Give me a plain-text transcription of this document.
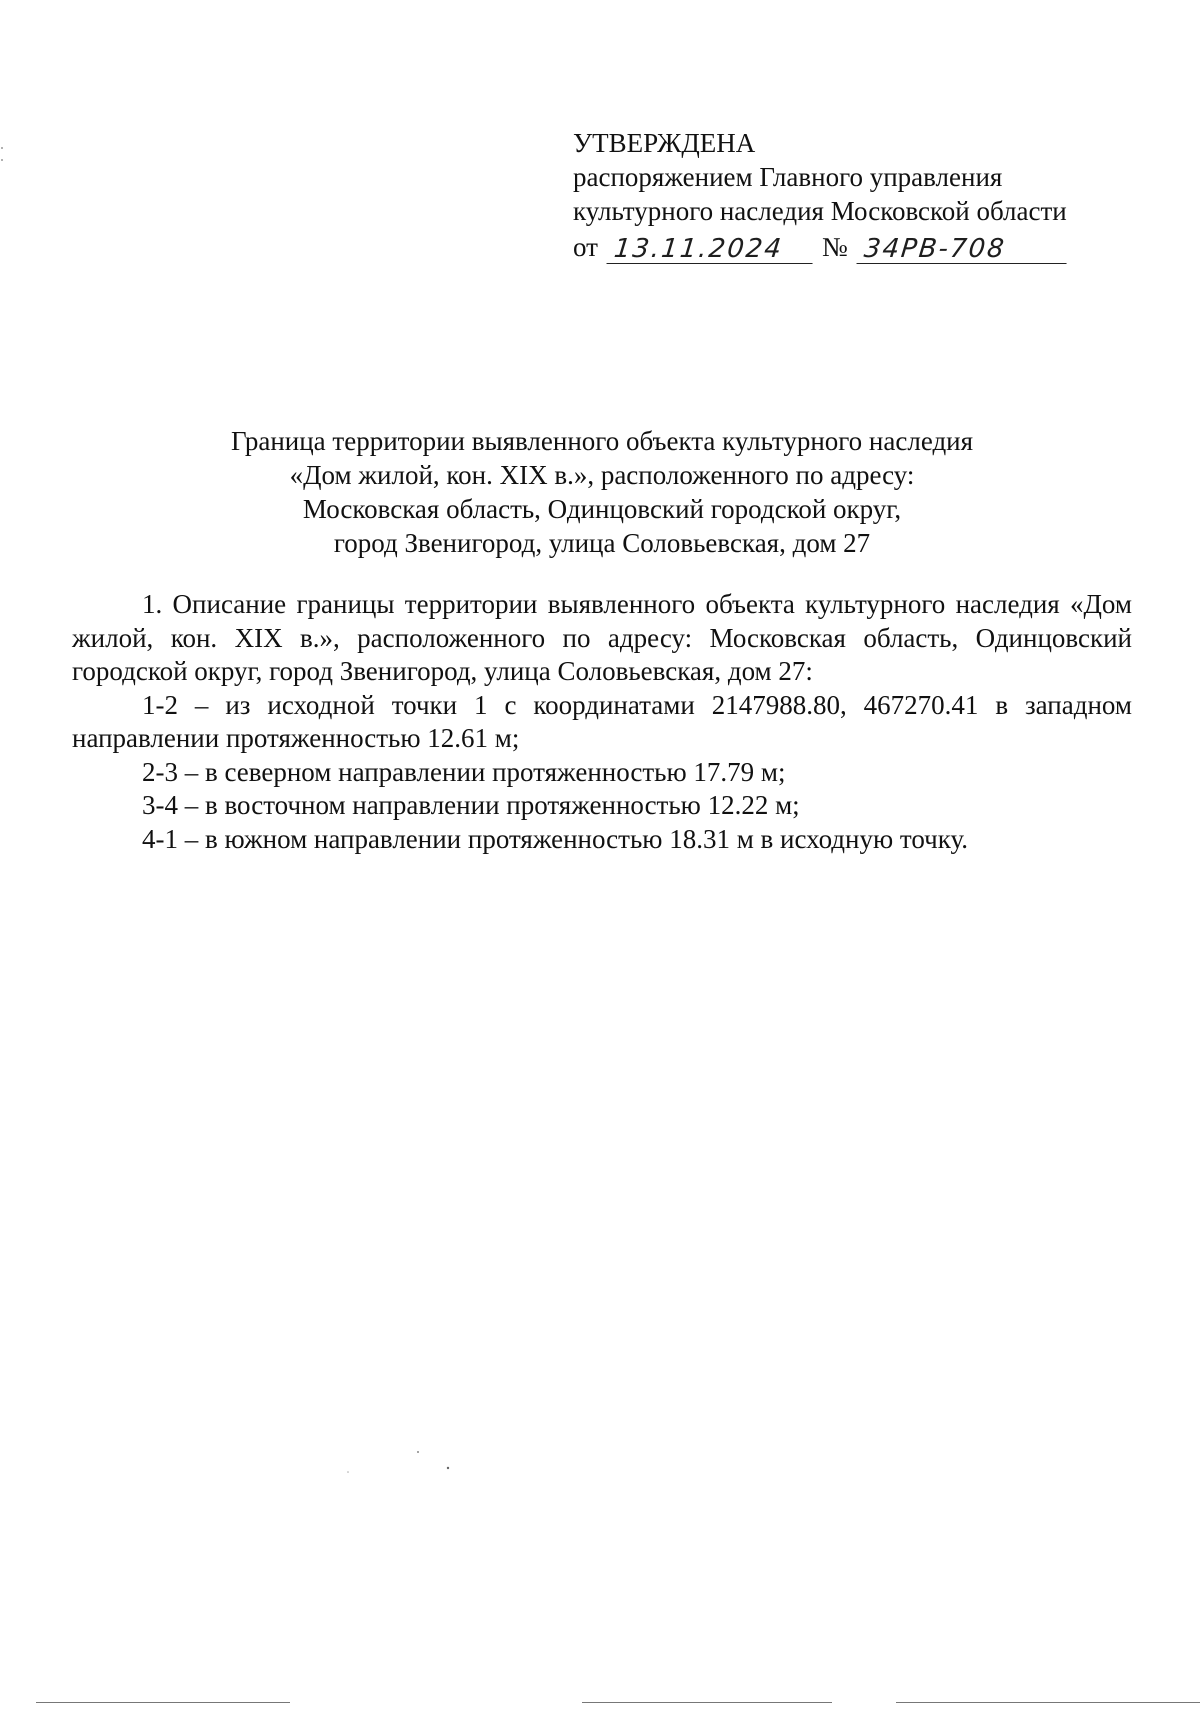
УТВЕРЖДЕНА
распоряжением Главного управления
культурного наследия Московской области
от 13.11.2024	№ 34РВ-708
Граница территории выявленного объекта культурного наследия
«Дом жилой, кон. XIX в.», расположенного по адресу:
Московская область, Одинцовский городской округ,
город Звенигород, улица Соловьевская, дом 27

1. Описание границы территории выявленного объекта культурного наследия «Дом жилой, кон. XIX в.», расположенного по адресу: Московская область, Одинцовский городской округ, город Звенигород, улица Соловьевская, дом 27:

1-2 – из исходной точки 1 с координатами 2147988.80, 467270.41 в западном направлении протяженностью 12.61 м;

2-3 – в северном направлении протяженностью 17.79 м;

3-4 – в восточном направлении протяженностью 12.22 м;

4-1 – в южном направлении протяженностью 18.31 м в исходную точку.
